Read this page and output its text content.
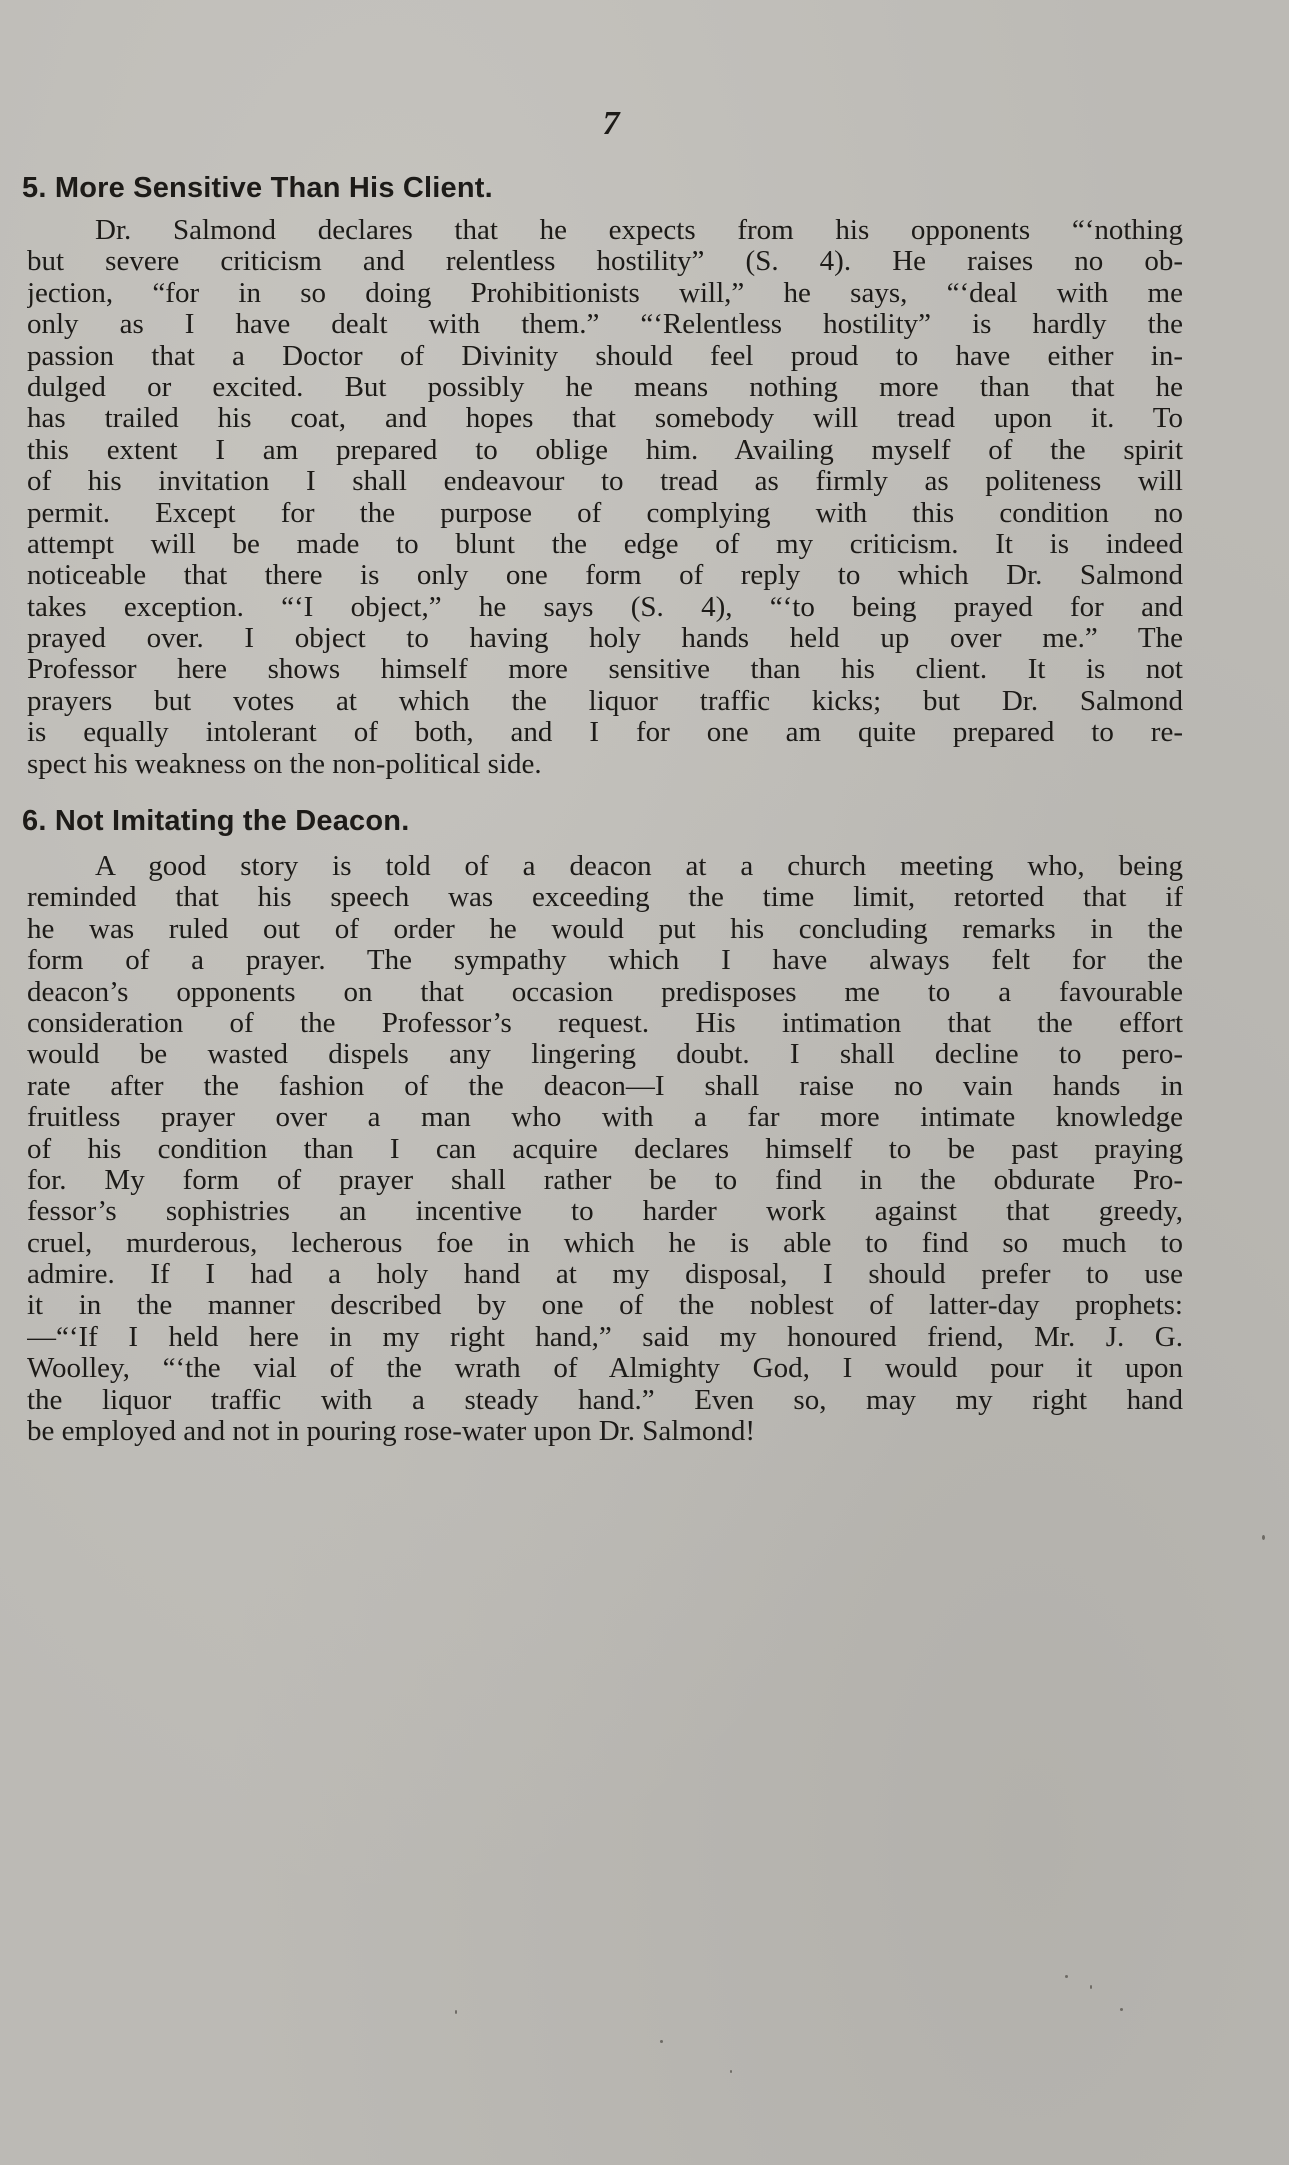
7
5. More Sensitive Than His Client.
Dr. Salmond declares that he expects from his opponents “‘nothing
but severe criticism and relentless hostility” (S. 4). He raises no ob-
jection, “for in so doing Prohibitionists will,” he says, “‘deal with me
only as I have dealt with them.” “‘Relentless hostility” is hardly the
passion that a Doctor of Divinity should feel proud to have either in-
dulged or excited. But possibly he means nothing more than that he
has trailed his coat, and hopes that somebody will tread upon it. To
this extent I am prepared to oblige him. Availing myself of the spirit
of his invitation I shall endeavour to tread as firmly as politeness will
permit. Except for the purpose of complying with this condition no
attempt will be made to blunt the edge of my criticism. It is indeed
noticeable that there is only one form of reply to which Dr. Salmond
takes exception. “‘I object,” he says (S. 4), “‘to being prayed for and
prayed over. I object to having holy hands held up over me.” The
Professor here shows himself more sensitive than his client. It is not
prayers but votes at which the liquor traffic kicks; but Dr. Salmond
is equally intolerant of both, and I for one am quite prepared to re-
spect his weakness on the non-political side.
6. Not Imitating the Deacon.
A good story is told of a deacon at a church meeting who, being
reminded that his speech was exceeding the time limit, retorted that if
he was ruled out of order he would put his concluding remarks in the
form of a prayer. The sympathy which I have always felt for the
deacon’s opponents on that occasion predisposes me to a favourable
consideration of the Professor’s request. His intimation that the effort
would be wasted dispels any lingering doubt. I shall decline to pero-
rate after the fashion of the deacon—I shall raise no vain hands in
fruitless prayer over a man who with a far more intimate knowledge
of his condition than I can acquire declares himself to be past praying
for. My form of prayer shall rather be to find in the obdurate Pro-
fessor’s sophistries an incentive to harder work against that greedy,
cruel, murderous, lecherous foe in which he is able to find so much to
admire. If I had a holy hand at my disposal, I should prefer to use
it in the manner described by one of the noblest of latter-day prophets:
—“‘If I held here in my right hand,” said my honoured friend, Mr. J. G.
Woolley, “‘the vial of the wrath of Almighty God, I would pour it upon
the liquor traffic with a steady hand.” Even so, may my right hand
be employed and not in pouring rose-water upon Dr. Salmond!
